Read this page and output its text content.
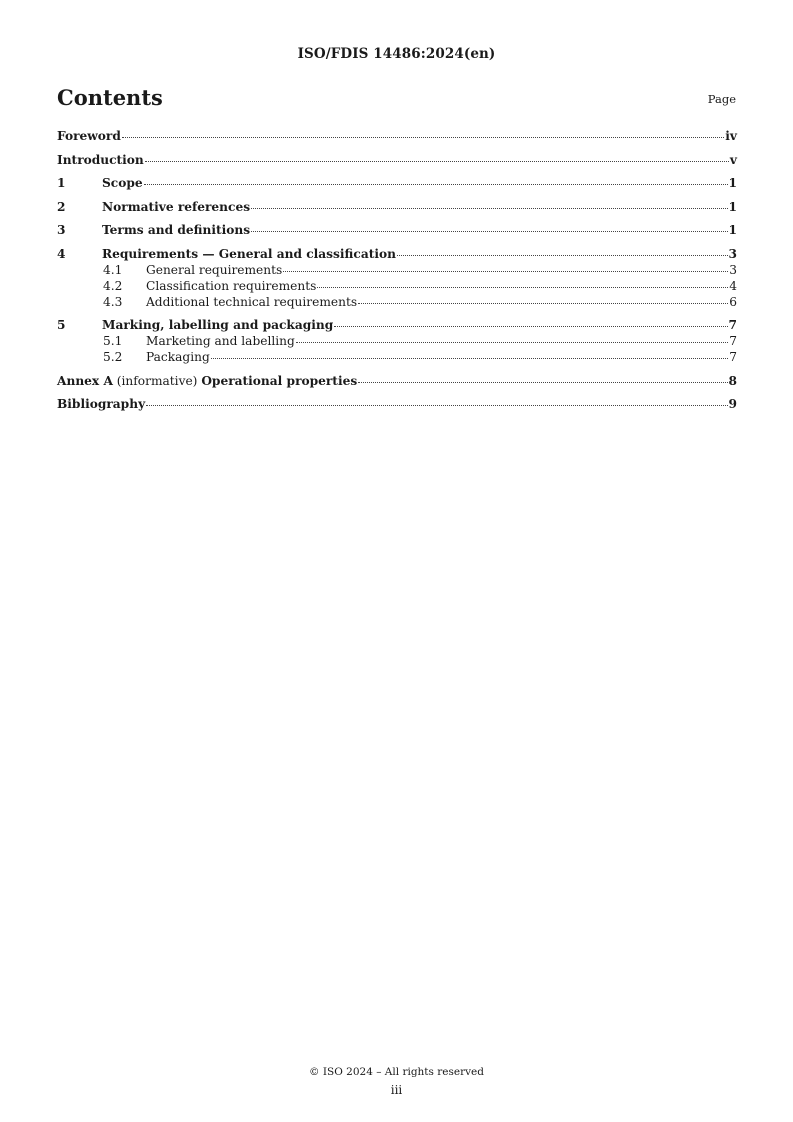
ISO/FDIS 14486:2024(en)
Contents	Page
Foreword	iv
Introduction	v
1	Scope	1
2	Normative references	1
3	Terms and definitions	1
4	Requirements — General and classification	3
4.1	General requirements	3
4.2	Classification requirements	4
4.3	Additional technical requirements	6
5	Marking, labelling and packaging	7
5.1	Marketing and labelling	7
5.2	Packaging	7
Annex A (informative) Operational properties	8
Bibliography	9
© ISO 2024 – All rights reserved
iii
